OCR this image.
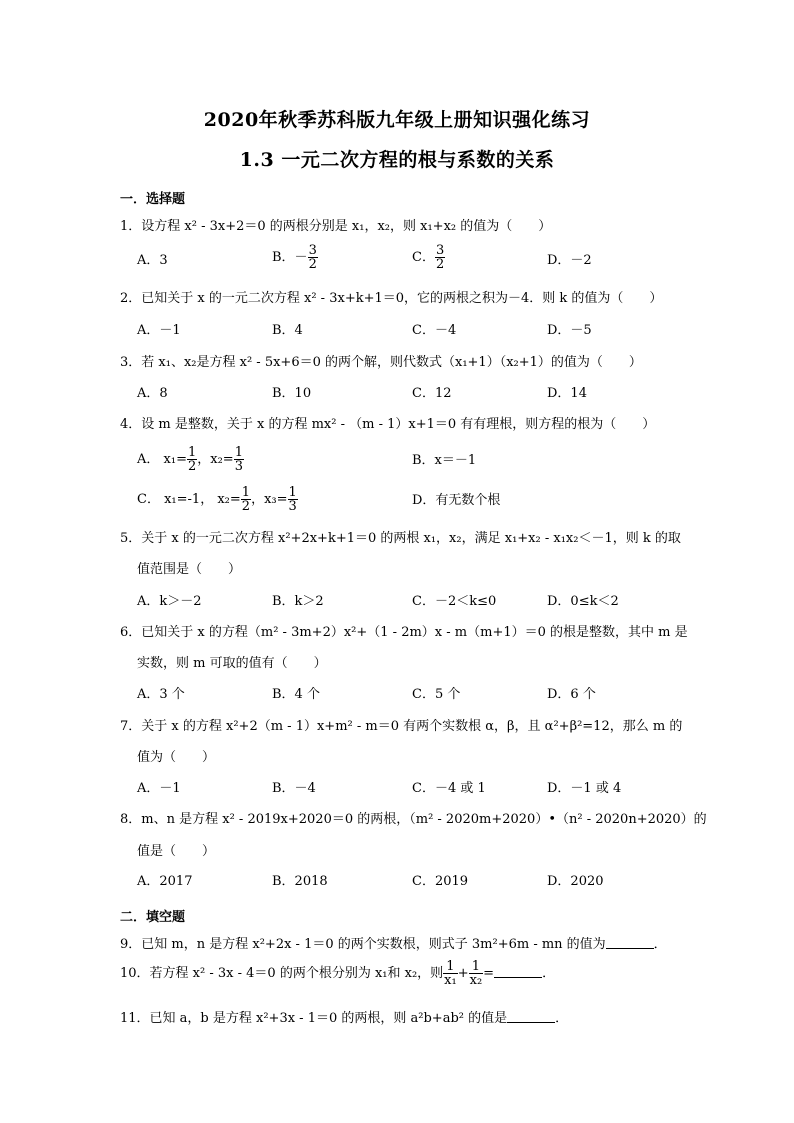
2020年秋季苏科版九年级上册知识强化练习
1.3 一元二次方程的根与系数的关系
一．选择题
1．设方程 x² - 3x+2＝0 的两根分别是 x₁，x₂，则 x₁+x₂ 的值为（　　）
A．3	B．－ $\frac{3}{2}$	C． $\frac{3}{2}$	D．－2
2．已知关于 x 的一元二次方程 x² - 3x+k+1＝0，它的两根之积为－4．则 k 的值为（　　）
A．－1	B．4	C．－4	D．－5
3．若 x₁、x₂是方程 x² - 5x+6＝0 的两个解，则代数式（x₁+1）（x₂+1）的值为（　　）
A．8	B．10	C．12	D．14
4．设 m 是整数，关于 x 的方程 mx² - （m - 1）x+1＝0 有有理根，则方程的根为（　　）
A． $x_1= \frac{1}{2}$ ，$x_2= \frac{1}{3}$	B．x＝－1
C． x₁=-1， $x_2= \frac{1}{2}$ ，$x_3= \frac{1}{3}$	D．有无数个根
5．关于 x 的一元二次方程 x²+2x+k+1＝0 的两根 x₁，x₂，满足 x₁+x₂ - x₁x₂＜－1，则 k 的取
值范围是（　　）
A．k＞－2	B．k＞2	C．－2＜k≤0	D．0≤k＜2
6．已知关于 x 的方程（m² - 3m+2）x²+（1 - 2m）x - m（m+1）＝0 的根是整数，其中 m 是
实数，则 m 可取的值有（　　）
A．3 个	B．4 个	C．5 个	D．6 个
7．关于 x 的方程 x²+2（m - 1）x+m² - m＝0 有两个实数根 α，β，且 α²+β²=12，那么 m 的
值为（　　）
A．－1	B．－4	C．－4 或 1	D．－1 或 4
8．m、n 是方程 x² - 2019x+2020＝0 的两根，（m² - 2020m+2020）•（n² - 2020n+2020）的
值是（　　）
A．2017	B．2018	C．2019	D．2020
二．填空题
9．已知 m，n 是方程 x²+2x - 1＝0 的两个实数根，则式子 3m²+6m - mn 的值为	．
10．若方程 x² - 3x - 4＝0 的两个根分别为 x₁和 x₂，则 $\frac{1}{\text{x₁}} + \frac{1}{\text{x₂}}$ =	．
11．已知 a，b 是方程 x²+3x - 1＝0 的两根，则 a²b+ab² 的值是	．
